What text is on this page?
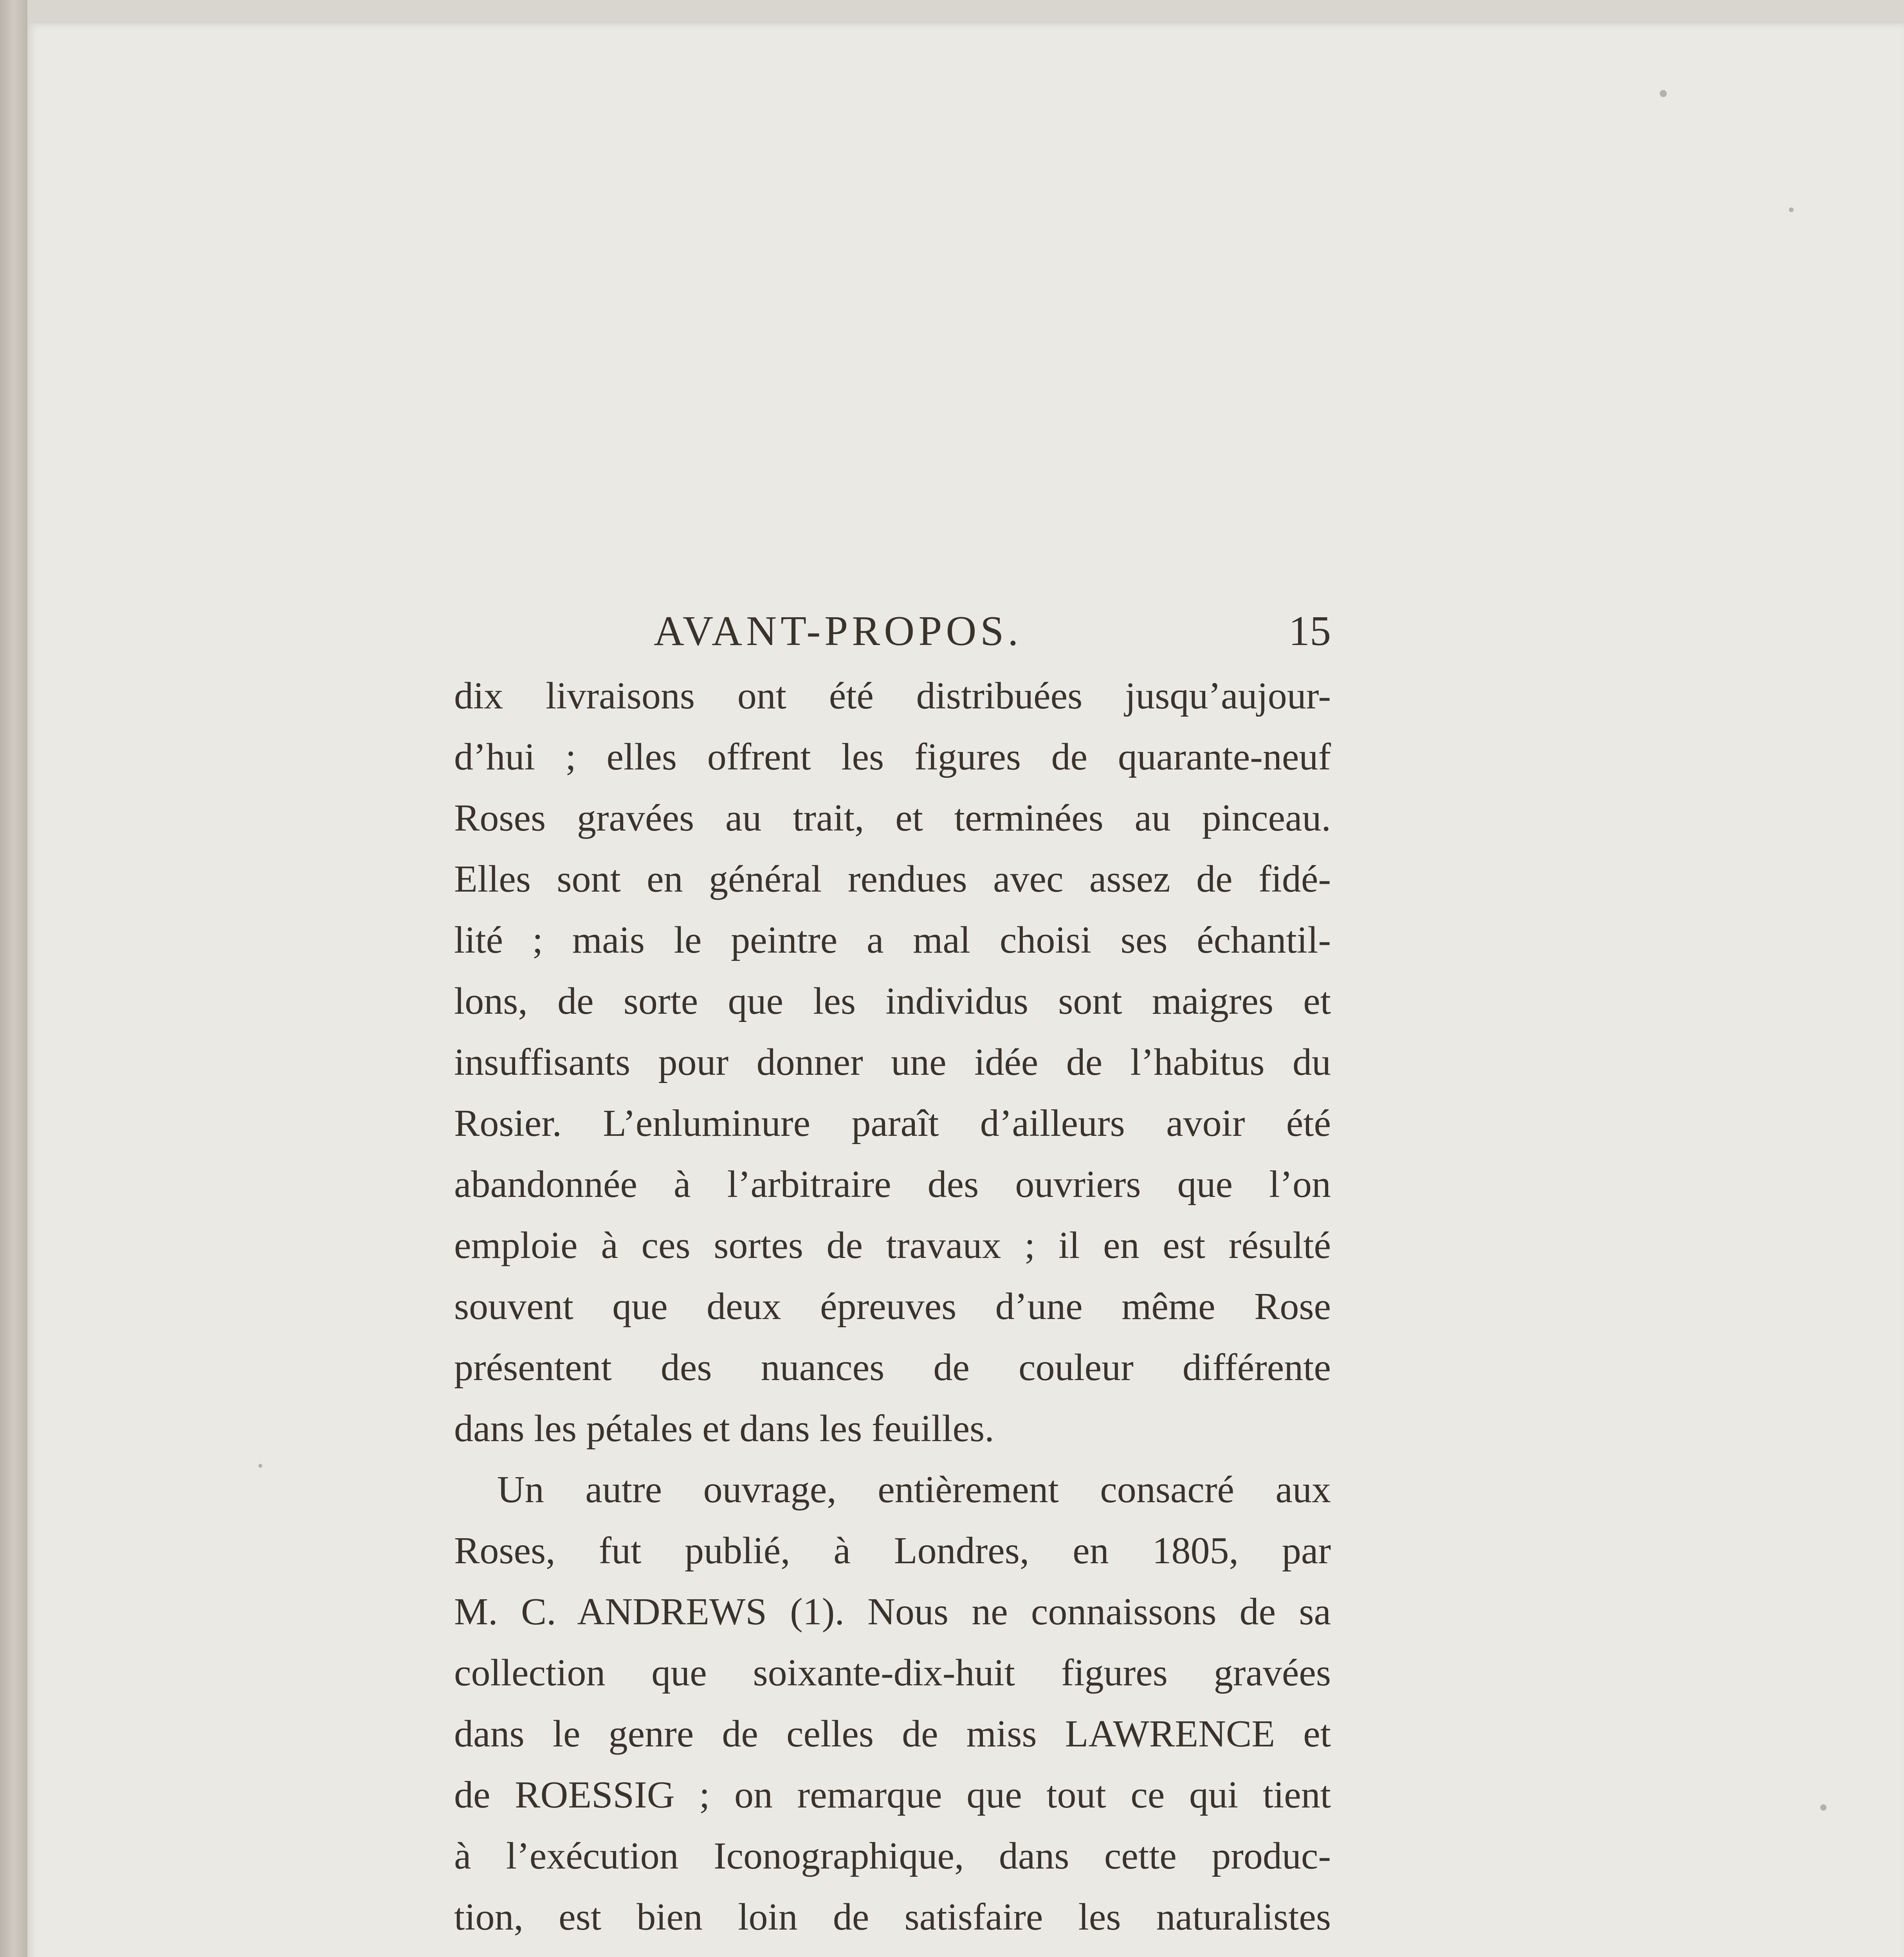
AVANT-PROPOS.	15
dix livraisons ont été distribuées jusqu’aujour-
d’hui ; elles offrent les figures de quarante-neuf
Roses gravées au trait, et terminées au pinceau.
Elles sont en général rendues avec assez de fidé-
lité ; mais le peintre a mal choisi ses échantil-
lons, de sorte que les individus sont maigres et
insuffisants pour donner une idée de l’habitus du
Rosier. L’enluminure paraît d’ailleurs avoir été
abandonnée à l’arbitraire des ouvriers que l’on
emploie à ces sortes de travaux ; il en est résulté
souvent que deux épreuves d’une même Rose
présentent des nuances de couleur différente
dans les pétales et dans les feuilles.
Un autre ouvrage, entièrement consacré aux
Roses, fut publié, à Londres, en 1805, par
M. C. ANDREWS (1). Nous ne connaissons de sa
collection que soixante-dix-huit figures gravées
dans le genre de celles de miss LAWRENCE et
de ROESSIG ; on remarque que tout ce qui tient
à l’exécution Iconographique, dans cette produc-
tion, est bien loin de satisfaire les naturalistes
